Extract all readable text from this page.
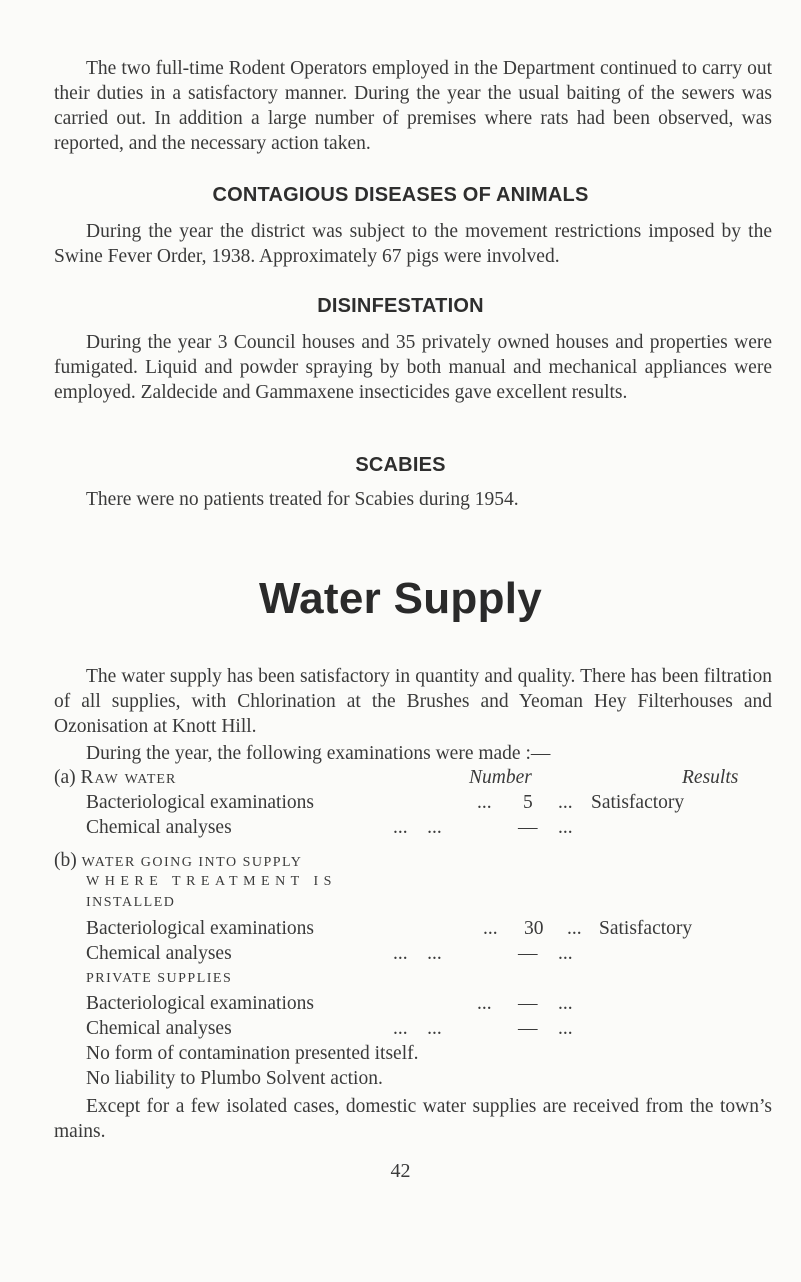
The two full-time Rodent Operators employed in the Department continued to carry out their duties in a satisfactory manner. During the year the usual baiting of the sewers was carried out. In addition a large number of premises where rats had been observed, was reported, and the necessary action taken.

CONTAGIOUS DISEASES OF ANIMALS

During the year the district was subject to the movement restrictions imposed by the Swine Fever Order, 1938. Approximately 67 pigs were involved.

DISINFESTATION

During the year 3 Council houses and 35 privately owned houses and properties were fumigated. Liquid and powder spraying by both manual and mechanical appliances were employed. Zaldecide and Gammaxene insecticides gave excellent results.

SCABIES

There were no patients treated for Scabies during 1954.

Water Supply

The water supply has been satisfactory in quantity and quality. There has been filtration of all supplies, with Chlorination at the Brushes and Yeoman Hey Filterhouses and Ozonisation at Knott Hill.

During the year, the following examinations were made :—

(a) Raw water	Number	Results
Bacteriological examinations	... 5 ... Satisfactory
Chemical analyses	...    ...	— ...
(b) WATER GOING INTO SUPPLY
WHERE TREATMENT IS
INSTALLED
Bacteriological examinations	... 30 ... Satisfactory
Chemical analyses	...    ...	— ...
PRIVATE SUPPLIES
Bacteriological examinations	... — ...
Chemical analyses	...    ...	— ...
No form of contamination presented itself.
No liability to Plumbo Solvent action.

Except for a few isolated cases, domestic water supplies are received from the town’s mains.

42
